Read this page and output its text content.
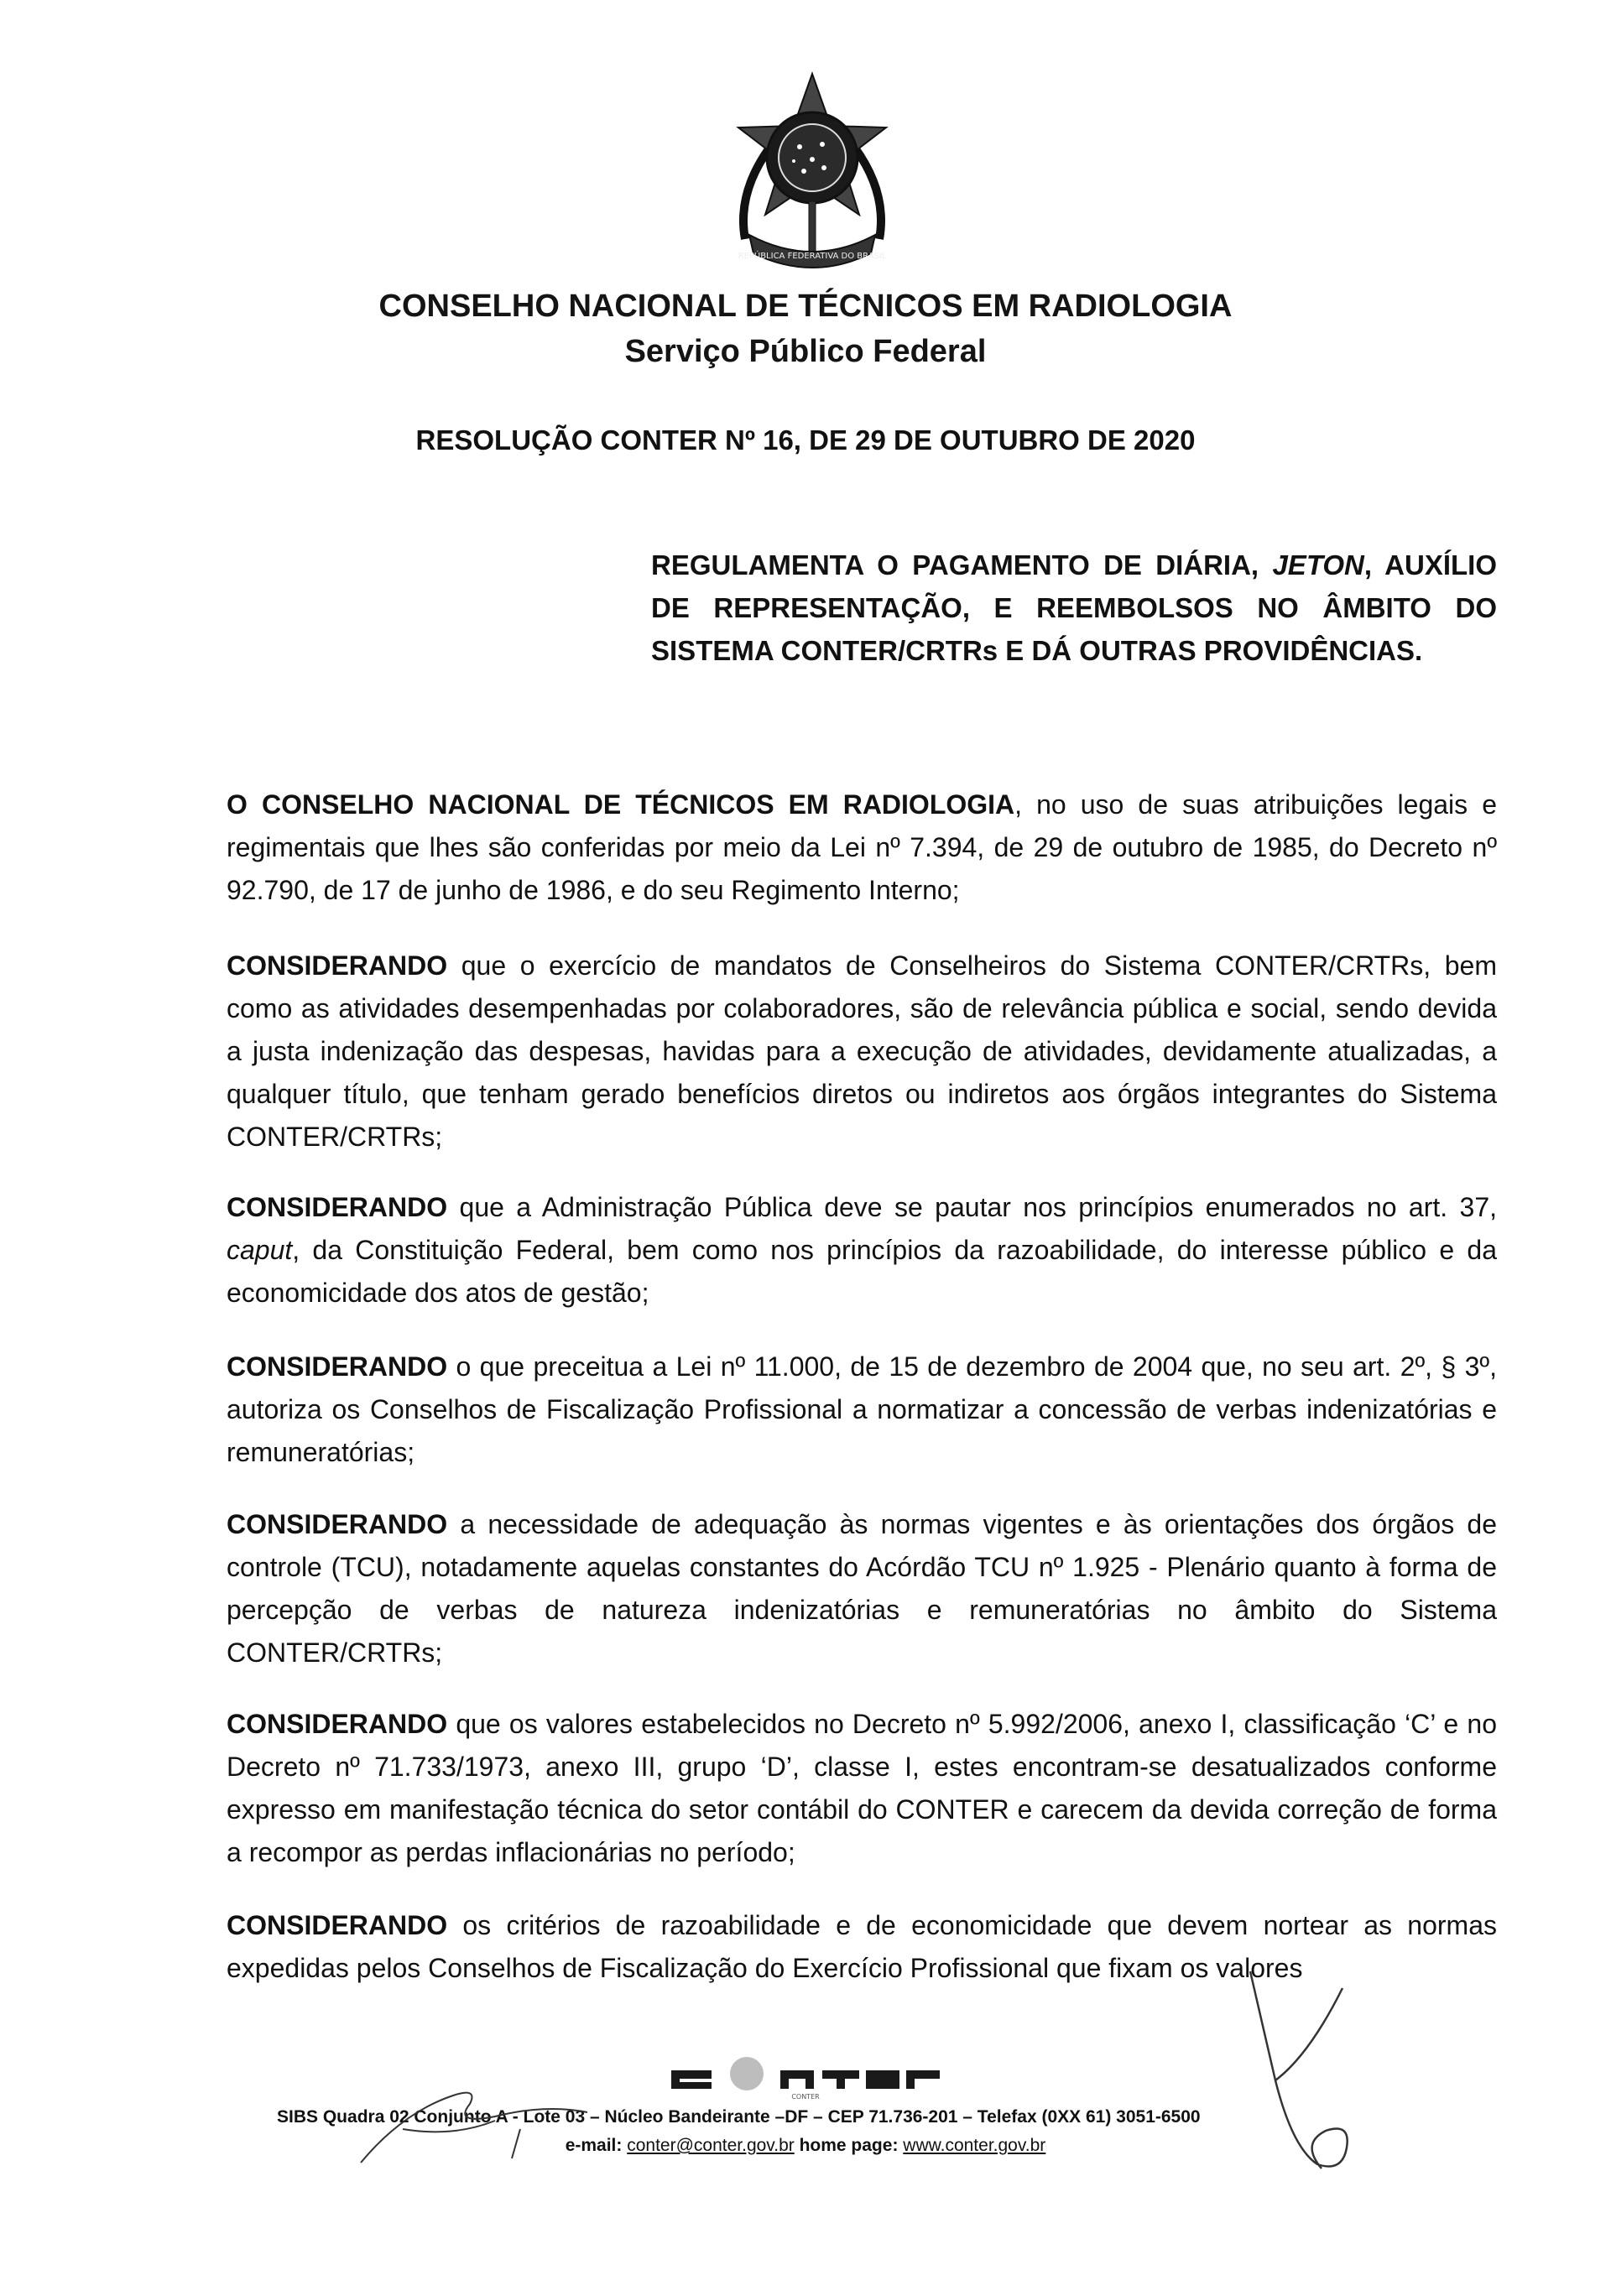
REPÚBLICA FEDERATIVA DO BRASIL
CONSELHO NACIONAL DE TÉCNICOS EM RADIOLOGIA
Serviço Público Federal
RESOLUÇÃO CONTER Nº 16, DE 29 DE OUTUBRO DE 2020
REGULAMENTA O PAGAMENTO DE DIÁRIA, JETON, AUXÍLIO DE REPRESENTAÇÃO, E REEMBOLSOS NO ÂMBITO DO
SISTEMA CONTER/CRTRs E DÁ OUTRAS PROVIDÊNCIAS.
O CONSELHO NACIONAL DE TÉCNICOS EM RADIOLOGIA, no uso de suas atribuições legais e regimentais que lhes são conferidas por meio da Lei nº 7.394, de 29 de outubro de 1985, do Decreto nº 92.790, de 17 de junho de 1986, e do seu Regimento Interno;
CONSIDERANDO que o exercício de mandatos de Conselheiros do Sistema CONTER/CRTRs, bem como as atividades desempenhadas por colaboradores, são de relevância pública e social, sendo devida a justa indenização das despesas, havidas para a execução de atividades, devidamente atualizadas, a qualquer título, que tenham gerado benefícios diretos ou indiretos aos órgãos integrantes do Sistema CONTER/CRTRs;
CONSIDERANDO que a Administração Pública deve se pautar nos princípios enumerados no art. 37, caput, da Constituição Federal, bem como nos princípios da razoabilidade, do interesse público e da economicidade dos atos de gestão;
CONSIDERANDO o que preceitua a Lei nº 11.000, de 15 de dezembro de 2004 que, no seu art. 2º, § 3º, autoriza os Conselhos de Fiscalização Profissional a normatizar a concessão de verbas indenizatórias e remuneratórias;
CONSIDERANDO a necessidade de adequação às normas vigentes e às orientações dos órgãos de controle (TCU), notadamente aquelas constantes do Acórdão TCU nº 1.925 - Plenário quanto à forma de percepção de verbas de natureza indenizatórias e remuneratórias no âmbito do Sistema CONTER/CRTRs;
CONSIDERANDO que os valores estabelecidos no Decreto nº 5.992/2006, anexo I, classificação ‘C’ e no Decreto nº 71.733/1973, anexo III, grupo ‘D’, classe I, estes encontram-se desatualizados conforme expresso em manifestação técnica do setor contábil do CONTER e carecem da devida correção de forma a recompor as perdas inflacionárias no período;
CONSIDERANDO os critérios de razoabilidade e de economicidade que devem nortear as normas expedidas pelos Conselhos de Fiscalização do Exercício Profissional que fixam os valores
CONTER
SIBS Quadra 02 Conjunto A - Lote 03 – Núcleo Bandeirante –DF – CEP 71.736-201 – Telefax (0XX 61) 3051-6500
e-mail: conter@conter.gov.br home page: www.conter.gov.br
